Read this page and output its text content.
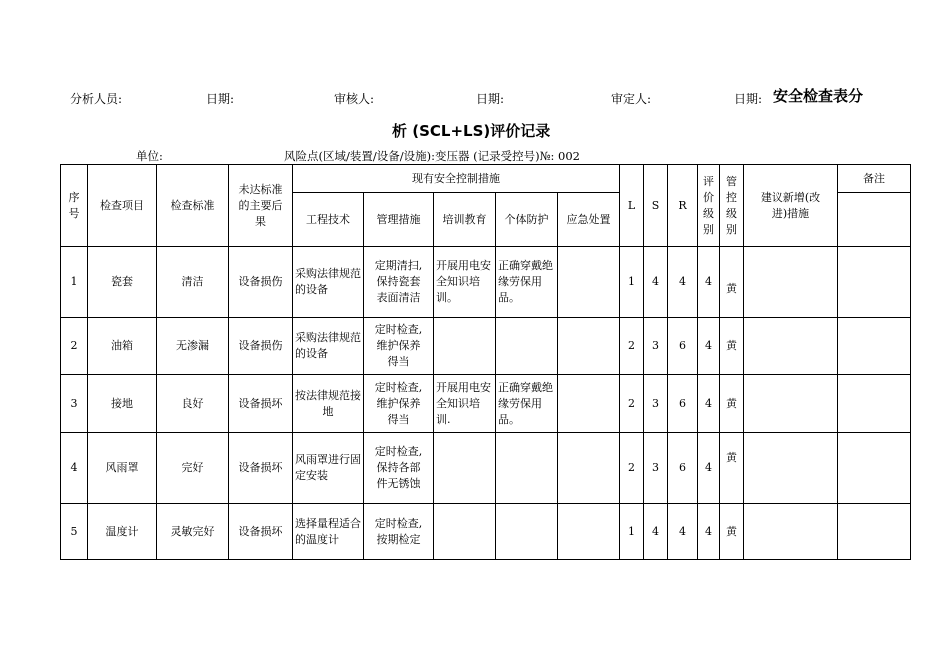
分析人员:	日期:	审核人:	日期:	审定人:	日期: 安全检查表分
析 (SCL+LS)评价记录
单位:	风险点(区域/装置/设备/设施):变压器 (记录受控号)№: 002
序号	检查项目	检查标准	未达标准的主要后果	现有安全控制措施					L	S	R	评价级别	管控级别	建议新增(改进)措施	备注
				工程技术	管理措施	培训教育	个体防护	应急处置							
1	瓷套	清洁	设备损伤	采购法律规范的设备	定期清扫,保持瓷套表面清洁	开展用电安全知识培训。	正确穿戴绝缘劳保用品。		1	4	4	4	黄		
2	油箱	无渗漏	设备损伤	采购法律规范的设备	定时检查,维护保养得当				2	3	6	4	黄		
3	接地	良好	设备损坏	按法律规范接地	定时检查,维护保养得当	开展用电安全知识培训.	正确穿戴绝缘劳保用品。		2	3	6	4	黄		
4	风雨罩	完好	设备损坏	风雨罩进行固定安装	定时检查,保持各部件无锈蚀				2	3	6	4	黄		
5	温度计	灵敏完好	设备损坏	选择量程适合的温度计	定时检查,按期检定				1	4	4	4	黄		
